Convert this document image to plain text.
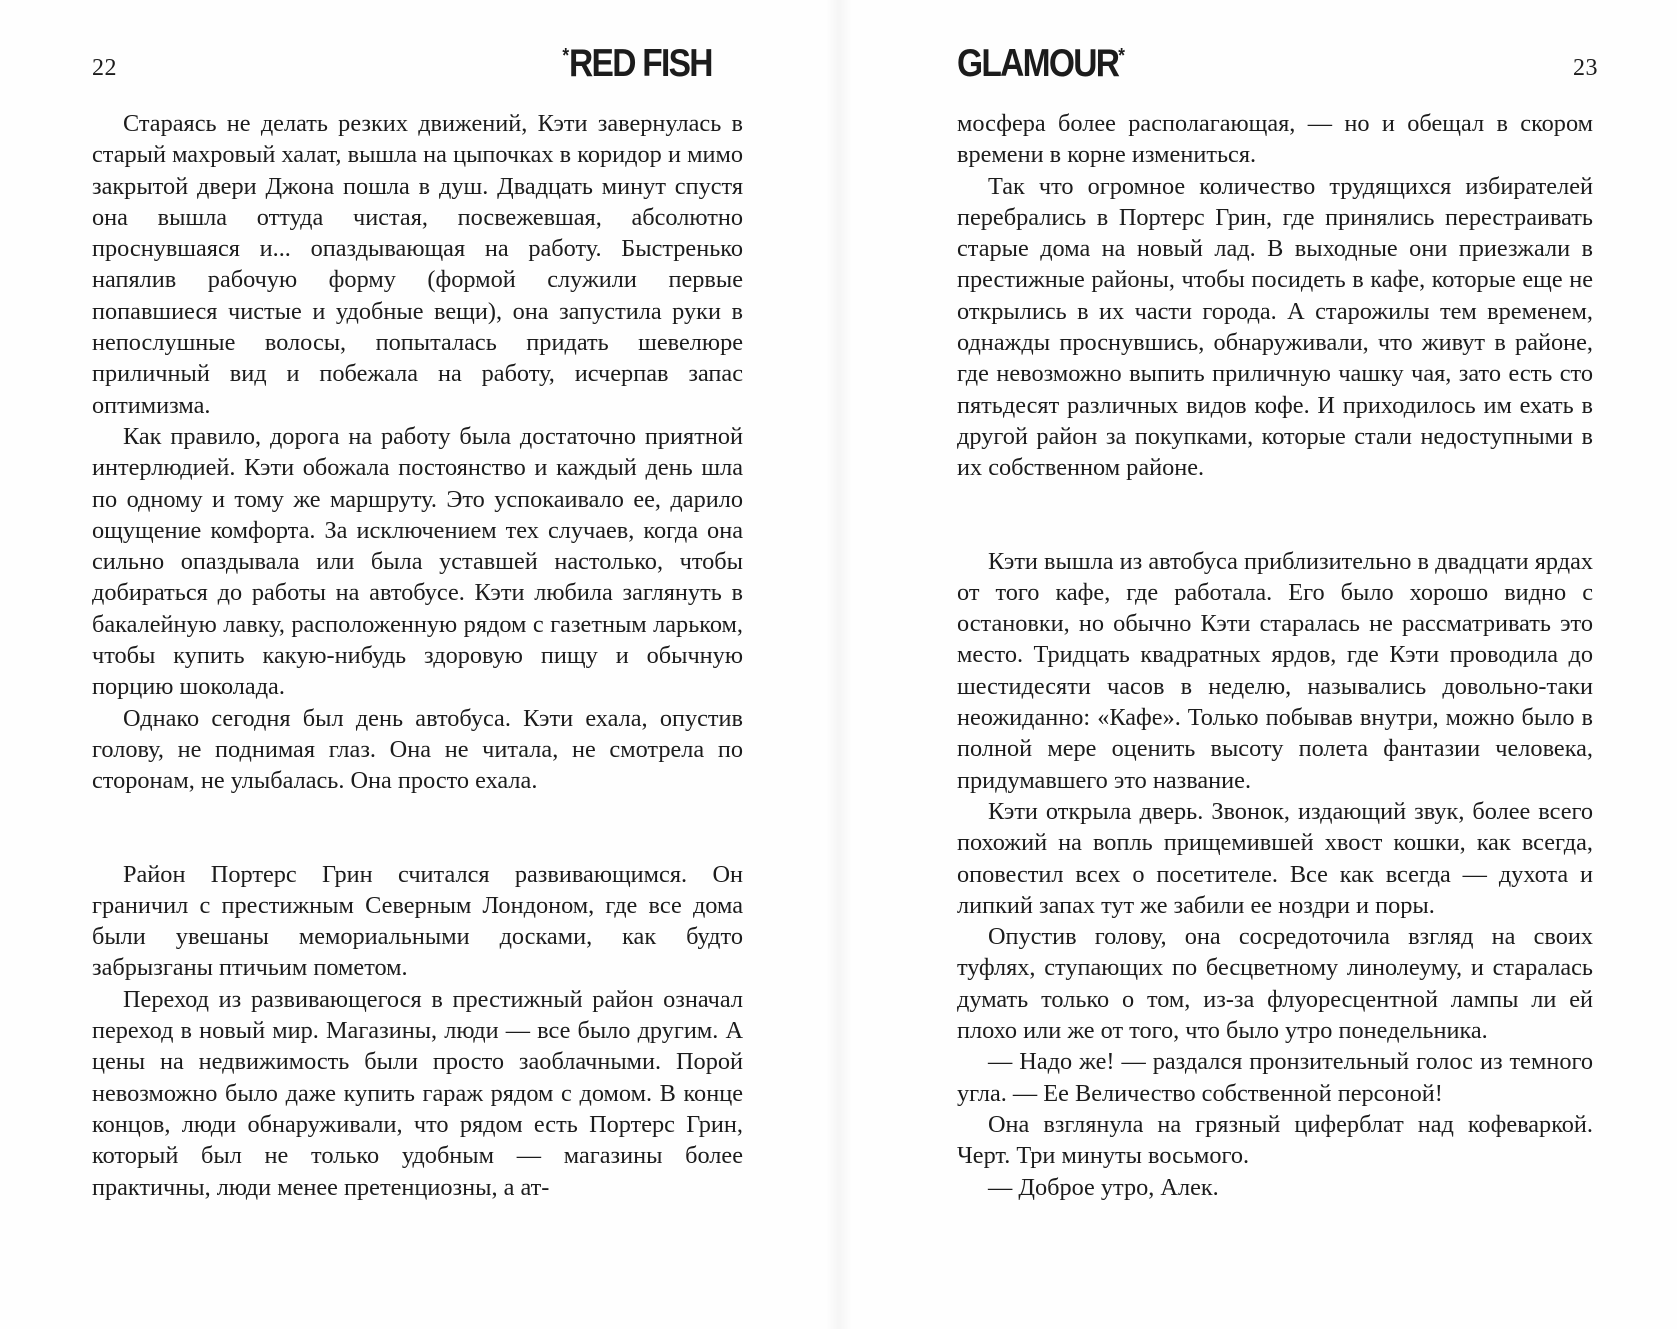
22	*RED FISH

Стараясь не делать резких движений, Кэти завернулась в старый махровый халат, вышла на цыпочках в коридор и мимо закрытой двери Джона пошла в душ. Двадцать минут спустя она вышла оттуда чистая, посвежевшая, абсолютно проснувшаяся и... опаздывающая на работу. Быстренько напялив рабочую форму (формой служили первые попавшиеся чистые и удобные вещи), она запустила руки в непослушные волосы, попыталась придать шевелюре приличный вид и побежала на работу, исчерпав запас оптимизма.

Как правило, дорога на работу была достаточно приятной интерлюдией. Кэти обожала постоянство и каждый день шла по одному и тому же маршруту. Это успокаивало ее, дарило ощущение комфорта. За исключением тех случаев, когда она сильно опаздывала или была уставшей настолько, чтобы добираться до работы на автобусе. Кэти любила заглянуть в бакалейную лавку, расположенную рядом с газетным ларьком, чтобы купить какую-нибудь здоровую пищу и обычную порцию шоколада.

Однако сегодня был день автобуса. Кэти ехала, опустив голову, не поднимая глаз. Она не читала, не смотрела по сторонам, не улыбалась. Она просто ехала.

Район Портерс Грин считался развивающимся. Он граничил с престижным Северным Лондоном, где все дома были увешаны мемориальными досками, как будто забрызганы птичьим пометом.

Переход из развивающегося в престижный район означал переход в новый мир. Магазины, люди — все было другим. А цены на недвижимость были просто заоблачными. Порой невозможно было даже купить гараж рядом с домом. В конце концов, люди обнаруживали, что рядом есть Портерс Грин, который был не только удобным — магазины более практичны, люди менее претенциозны, а ат-

GLAMOUR*	23

мосфера более располагающая, — но и обещал в скором времени в корне измениться.

Так что огромное количество трудящихся избирателей перебрались в Портерс Грин, где принялись перестраивать старые дома на новый лад. В выходные они приезжали в престижные районы, чтобы посидеть в кафе, которые еще не открылись в их части города. А старожилы тем временем, однажды проснувшись, обнаруживали, что живут в районе, где невозможно выпить приличную чашку чая, зато есть сто пятьдесят различных видов кофе. И приходилось им ехать в другой район за покупками, которые стали недоступными в их собственном районе.

Кэти вышла из автобуса приблизительно в двадцати ярдах от того кафе, где работала. Его было хорошо видно с остановки, но обычно Кэти старалась не рассматривать это место. Тридцать квадратных ярдов, где Кэти проводила до шестидесяти часов в неделю, назывались довольно-таки неожиданно: «Кафе». Только побывав внутри, можно было в полной мере оценить высоту полета фантазии человека, придумавшего это название.

Кэти открыла дверь. Звонок, издающий звук, более всего похожий на вопль прищемившей хвост кошки, как всегда, оповестил всех о посетителе. Все как всегда — духота и липкий запах тут же забили ее ноздри и поры.

Опустив голову, она сосредоточила взгляд на своих туфлях, ступающих по бесцветному линолеуму, и старалась думать только о том, из-за флуоресцентной лампы ли ей плохо или же от того, что было утро понедельника.

— Надо же! — раздался пронзительный голос из темного угла. — Ее Величество собственной персоной!

Она взглянула на грязный циферблат над кофеваркой. Черт. Три минуты восьмого.

— Доброе утро, Алек.
